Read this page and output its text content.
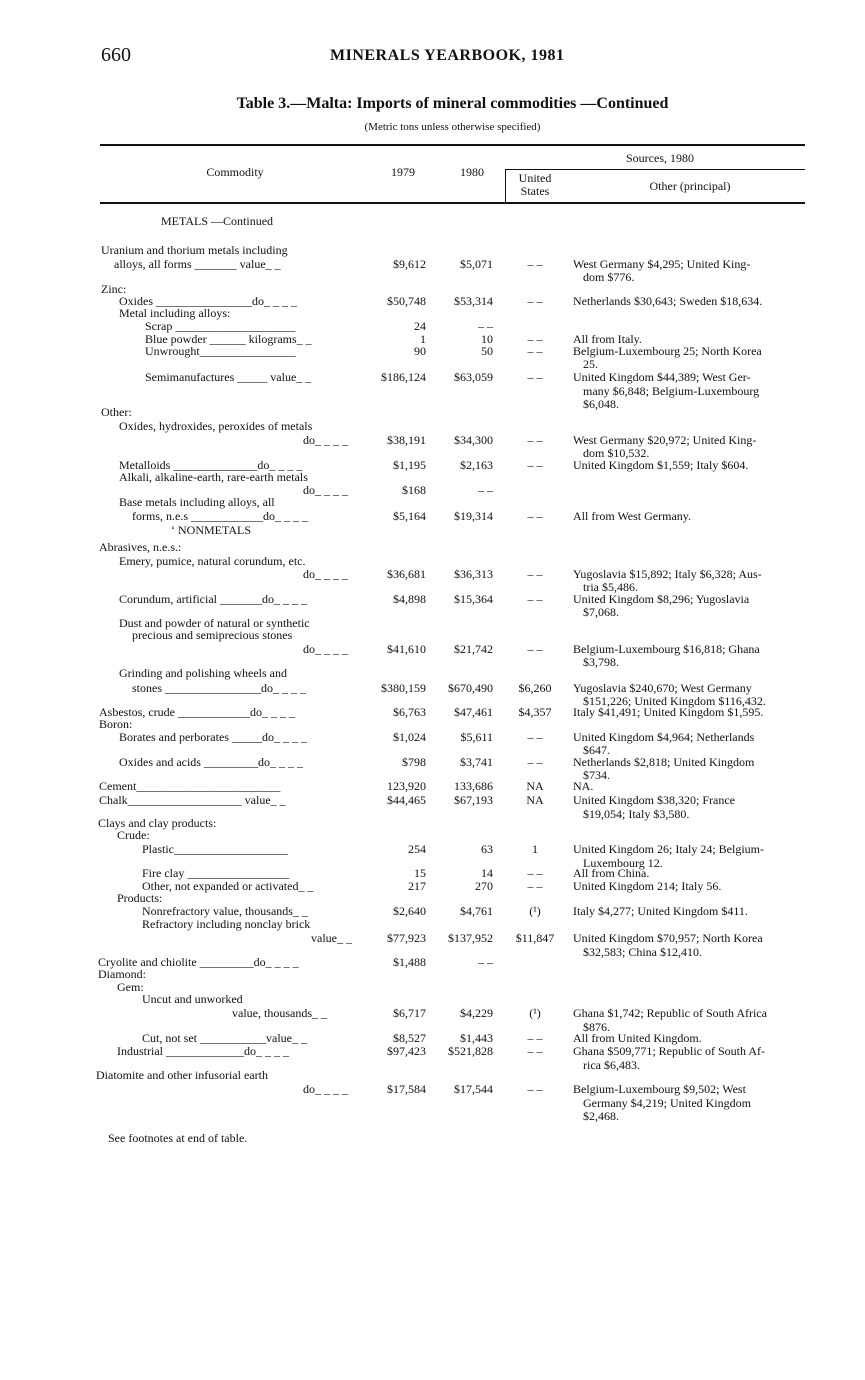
660	MINERALS YEARBOOK, 1981
Table 3.—Malta: Imports of mineral commodities —Continued
(Metric tons unless otherwise specified)
Commodity	1979	1980
Sources, 1980
United
States	Other (principal)
METALS —Continued
Uranium and thorium metals including
alloys, all forms _______ value_ _	$9,612	$5,071	– –	West Germany $4,295; United King-
dom $776.
Zinc:
Oxides ________________do_ _ _ _	$50,748 $53,314	– –	Netherlands $30,643; Sweden $18,634.
Metal including alloys:
Scrap ____________________	24	– –
Blue powder ______ kilograms_ _	1	10	– –	All from Italy.
Unwrought________________	90	50	– –	Belgium-Luxembourg 25; North Korea
25.
Semimanufactures _____ value_ _	$186,124 $63,059	– –	United Kingdom $44,389; West Ger-
many $6,848; Belgium-Luxembourg
$6,048.
Other:
Oxides, hydroxides, peroxides of metals
do_ _ _ _	$38,191 $34,300	– –	West Germany $20,972; United King-
dom $10,532.
Metalloids ______________do_ _ _ _	$1,195	$2,163	– –	United Kingdom $1,559; Italy $604.
Alkali, alkaline-earth, rare-earth metals
do_ _ _ _	$168	– –
Base metals including alloys, all
forms, n.e.s ____________do_ _ _ _	$5,164 $19,314	– –	All from West Germany.
‘ NONMETALS
Abrasives, n.e.s.:
Emery, pumice, natural corundum, etc.
do_ _ _ _	$36,681 $36,313	– –	Yugoslavia $15,892; Italy $6,328; Aus-
tria $5,486.
Corundum, artificial _______do_ _ _ _	$4,898 $15,364	– –	United Kingdom $8,296; Yugoslavia
$7,068.
Dust and powder of natural or synthetic
precious and semiprecious stones
do_ _ _ _	$41,610 $21,742	– –	Belgium-Luxembourg $16,818; Ghana
$3,798.
Grinding and polishing wheels and
stones ________________do_ _ _ _	$380,159 $670,490	$6,260	Yugoslavia $240,670; West Germany
$151,226; United Kingdom $116,432.
Asbestos, crude ____________do_ _ _ _	$6,763 $47,461	$4,357	Italy $41,491; United Kingdom $1,595.
Boron:
Borates and perborates _____do_ _ _ _	$1,024	$5,611	– –	United Kingdom $4,964; Netherlands
$647.
Oxides and acids _________do_ _ _ _	$798	$3,741	– –	Netherlands $2,818; United Kingdom
$734.
Cement________________________	123,920 133,686	NA	NA.
Chalk___________________ value_ _	$44,465 $67,193	NA	United Kingdom $38,320; France
$19,054; Italy $3,580.
Clays and clay products:
Crude:
Plastic___________________	254	63	1	United Kingdom 26; Italy 24; Belgium-
Luxembourg 12.
Fire clay _________________	15	14	– –	All from China.
Other, not expanded or activated_ _	217	270	– –	United Kingdom 214; Italy 56.
Products:
Nonrefractory value, thousands_ _	$2,640	$4,761	(¹)	Italy $4,277; United Kingdom $411.
Refractory including nonclay brick
value_ _	$77,923 $137,952	$11,847	United Kingdom $70,957; North Korea
$32,583; China $12,410.
Cryolite and chiolite _________do_ _ _ _	$1,488	– –
Diamond:
Gem:
Uncut and unworked
value, thousands_ _	$6,717	$4,229	(¹)	Ghana $1,742; Republic of South Africa
$876.
Cut, not set ___________value_ _	$8,527	$1,443	– –	All from United Kingdom.
Industrial _____________do_ _ _ _	$97,423 $521,828	– –	Ghana $509,771; Republic of South Af-
rica $6,483.
Diatomite and other infusorial earth
do_ _ _ _	$17,584 $17,544	– –	Belgium-Luxembourg $9,502; West
Germany $4,219; United Kingdom
$2,468.
See footnotes at end of table.
